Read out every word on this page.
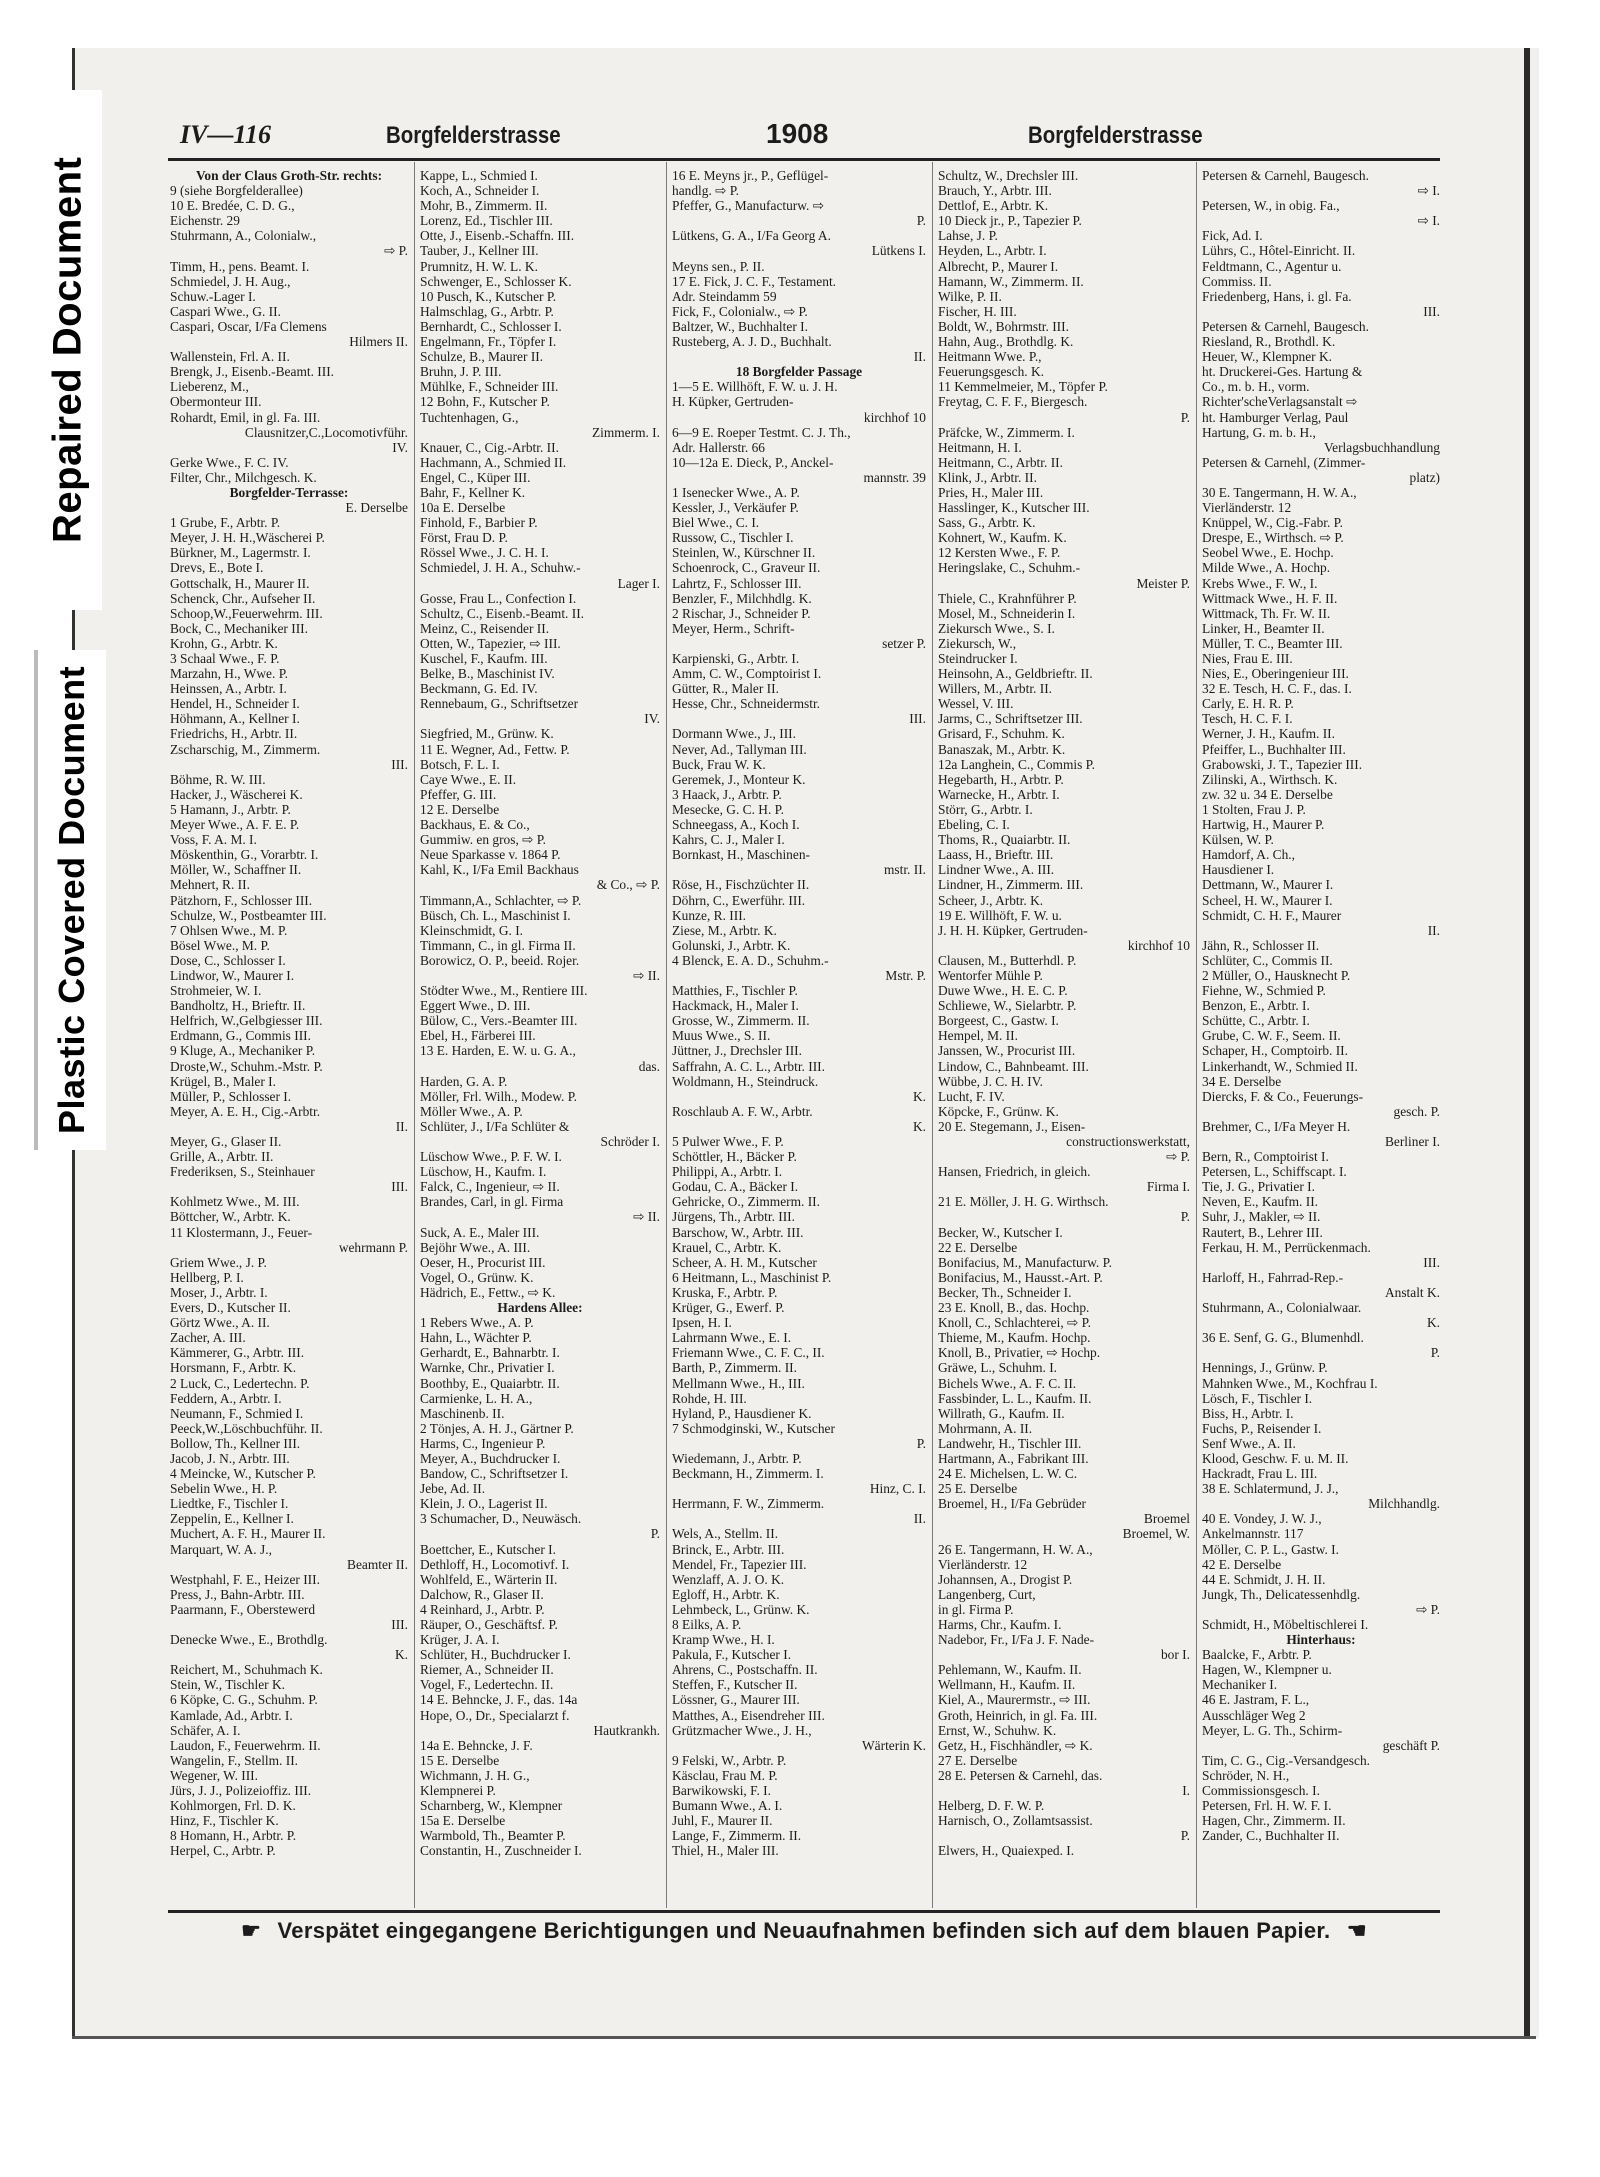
Repaired Document
Plastic Covered Document
IV—116	Borgfelderstrasse	1908	Borgfelderstrasse
Von der Claus Groth-Str. rechts:
9 (siehe Borgfelderallee)
10 E. Bredée, C. D. G.,
Eichenstr. 29
Stuhrmann, A., Colonialw.,
⇨ P.
Timm, H., pens. Beamt. I.
Schmiedel, J. H. Aug.,
Schuw.-Lager I.
Caspari Wwe., G. II.
Caspari, Oscar, I/Fa Clemens
Hilmers II.
Wallenstein, Frl. A. II.
Brengk, J., Eisenb.-Beamt. III.
Lieberenz, M.,
Obermonteur III.
Rohardt, Emil, in gl. Fa. III.
Clausnitzer,C.,Locomotivführ.
IV.
Gerke Wwe., F. C. IV.
Filter, Chr., Milchgesch. K.
Borgfelder-Terrasse:
E. Derselbe
1 Grube, F., Arbtr. P.
Meyer, J. H. H.,Wäscherei P.
Bürkner, M., Lagermstr. I.
Drevs, E., Bote I.
Gottschalk, H., Maurer II.
Schenck, Chr., Aufseher II.
Schoop,W.,Feuerwehrm. III.
Bock, C., Mechaniker III.
Krohn, G., Arbtr. K.
3 Schaal Wwe., F. P.
Marzahn, H., Wwe. P.
Heinssen, A., Arbtr. I.
Hendel, H., Schneider I.
Höhmann, A., Kellner I.
Friedrichs, H., Arbtr. II.
Zscharschig, M., Zimmerm.
III.
Böhme, R. W. III.
Hacker, J., Wäscherei K.
5 Hamann, J., Arbtr. P.
Meyer Wwe., A. F. E. P.
Voss, F. A. M. I.
Möskenthin, G., Vorarbtr. I.
Möller, W., Schaffner II.
Mehnert, R. II.
Pätzhorn, F., Schlosser III.
Schulze, W., Postbeamter III.
7 Ohlsen Wwe., M. P.
Bösel Wwe., M. P.
Dose, C., Schlosser I.
Lindwor, W., Maurer I.
Strohmeier, W. I.
Bandholtz, H., Brieftr. II.
Helfrich, W.,Gelbgiesser III.
Erdmann, G., Commis III.
9 Kluge, A., Mechaniker P.
Droste,W., Schuhm.-Mstr. P.
Krügel, B., Maler I.
Müller, P., Schlosser I.
Meyer, A. E. H., Cig.-Arbtr.
II.
Meyer, G., Glaser II.
Grille, A., Arbtr. II.
Frederiksen, S., Steinhauer
III.
Kohlmetz Wwe., M. III.
Böttcher, W., Arbtr. K.
11 Klostermann, J., Feuer-
wehrmann P.
Griem Wwe., J. P.
Hellberg, P. I.
Moser, J., Arbtr. I.
Evers, D., Kutscher II.
Görtz Wwe., A. II.
Zacher, A. III.
Kämmerer, G., Arbtr. III.
Horsmann, F., Arbtr. K.
2 Luck, C., Ledertechn. P.
Feddern, A., Arbtr. I.
Neumann, F., Schmied I.
Peeck,W.,Löschbuchführ. II.
Bollow, Th., Kellner III.
Jacob, J. N., Arbtr. III.
4 Meincke, W., Kutscher P.
Sebelin Wwe., H. P.
Liedtke, F., Tischler I.
Zeppelin, E., Kellner I.
Muchert, A. F. H., Maurer II.
Marquart, W. A. J.,
Beamter II.
Westphahl, F. E., Heizer III.
Press, J., Bahn-Arbtr. III.
Paarmann, F., Oberstewerd
III.
Denecke Wwe., E., Brothdlg.
K.
Reichert, M., Schuhmach K.
Stein, W., Tischler K.
6 Köpke, C. G., Schuhm. P.
Kamlade, Ad., Arbtr. I.
Schäfer, A. I.
Laudon, F., Feuerwehrm. II.
Wangelin, F., Stellm. II.
Wegener, W. III.
Jürs, J. J., Polizeioffiz. III.
Kohlmorgen, Frl. D. K.
Hinz, F., Tischler K.
8 Homann, H., Arbtr. P.
Herpel, C., Arbtr. P.
Kappe, L., Schmied I.
Koch, A., Schneider I.
Mohr, B., Zimmerm. II.
Lorenz, Ed., Tischler III.
Otte, J., Eisenb.-Schaffn. III.
Tauber, J., Kellner III.
Prumnitz, H. W. L. K.
Schwenger, E., Schlosser K.
10 Pusch, K., Kutscher P.
Halmschlag, G., Arbtr. P.
Bernhardt, C., Schlosser I.
Engelmann, Fr., Töpfer I.
Schulze, B., Maurer II.
Bruhn, J. P. III.
Mühlke, F., Schneider III.
12 Bohn, F., Kutscher P.
Tuchtenhagen, G.,
Zimmerm. I.
Knauer, C., Cig.-Arbtr. II.
Hachmann, A., Schmied II.
Engel, C., Küper III.
Bahr, F., Kellner K.
10a E. Derselbe
Finhold, F., Barbier P.
Först, Frau D. P.
Rössel Wwe., J. C. H. I.
Schmiedel, J. H. A., Schuhw.-
Lager I.
Gosse, Frau L., Confection I.
Schultz, C., Eisenb.-Beamt. II.
Meinz, C., Reisender II.
Otten, W., Tapezier, ⇨ III.
Kuschel, F., Kaufm. III.
Belke, B., Maschinist IV.
Beckmann, G. Ed. IV.
Rennebaum, G., Schriftsetzer
IV.
Siegfried, M., Grünw. K.
11 E. Wegner, Ad., Fettw. P.
Botsch, F. L. I.
Caye Wwe., E. II.
Pfeffer, G. III.
12 E. Derselbe
Backhaus, E. & Co.,
Gummiw. en gros, ⇨ P.
Neue Sparkasse v. 1864 P.
Kahl, K., I/Fa Emil Backhaus
& Co., ⇨ P.
Timmann,A., Schlachter, ⇨ P.
Büsch, Ch. L., Maschinist I.
Kleinschmidt, G. I.
Timmann, C., in gl. Firma II.
Borowicz, O. P., beeid. Rojer.
⇨ II.
Stödter Wwe., M., Rentiere III.
Eggert Wwe., D. III.
Bülow, C., Vers.-Beamter III.
Ebel, H., Färberei III.
13 E. Harden, E. W. u. G. A.,
das.
Harden, G. A. P.
Möller, Frl. Wilh., Modew. P.
Möller Wwe., A. P.
Schlüter, J., I/Fa Schlüter &
Schröder I.
Lüschow Wwe., P. F. W. I.
Lüschow, H., Kaufm. I.
Falck, C., Ingenieur, ⇨ II.
Brandes, Carl, in gl. Firma
⇨ II.
Suck, A. E., Maler III.
Bejöhr Wwe., A. III.
Oeser, H., Procurist III.
Vogel, O., Grünw. K.
Hädrich, E., Fettw., ⇨ K.
Hardens Allee:
1 Rebers Wwe., A. P.
Hahn, L., Wächter P.
Gerhardt, E., Bahnarbtr. I.
Warnke, Chr., Privatier I.
Boothby, E., Quaiarbtr. II.
Carmienke, L. H. A.,
Maschinenb. II.
2 Tönjes, A. H. J., Gärtner P.
Harms, C., Ingenieur P.
Meyer, A., Buchdrucker I.
Bandow, C., Schriftsetzer I.
Jebe, Ad. II.
Klein, J. O., Lagerist II.
3 Schumacher, D., Neuwäsch.
P.
Boettcher, E., Kutscher I.
Dethloff, H., Locomotivf. I.
Wohlfeld, E., Wärterin II.
Dalchow, R., Glaser II.
4 Reinhard, J., Arbtr. P.
Räuper, O., Geschäftsf. P.
Krüger, J. A. I.
Schlüter, H., Buchdrucker I.
Riemer, A., Schneider II.
Vogel, F., Ledertechn. II.
14 E. Behncke, J. F., das. 14a
Hope, O., Dr., Specialarzt f.
Hautkrankh.
14a E. Behncke, J. F.
15 E. Derselbe
Wichmann, J. H. G.,
Klempnerei P.
Scharnberg, W., Klempner
15a E. Derselbe
Warmbold, Th., Beamter P.
Constantin, H., Zuschneider I.
16 E. Meyns jr., P., Geflügel-
handlg. ⇨ P.
Pfeffer, G., Manufacturw. ⇨
P.
Lütkens, G. A., I/Fa Georg A.
Lütkens I.
Meyns sen., P. II.
17 E. Fick, J. C. F., Testament.
Adr. Steindamm 59
Fick, F., Colonialw., ⇨ P.
Baltzer, W., Buchhalter I.
Rusteberg, A. J. D., Buchhalt.
II.
18 Borgfelder Passage
1—5 E. Willhöft, F. W. u. J. H.
H. Küpker, Gertruden-
kirchhof 10
6—9 E. Roeper Testmt. C. J. Th.,
Adr. Hallerstr. 66
10—12a E. Dieck, P., Anckel-
mannstr. 39
1 Isenecker Wwe., A. P.
Kessler, J., Verkäufer P.
Biel Wwe., C. I.
Russow, C., Tischler I.
Steinlen, W., Kürschner II.
Schoenrock, C., Graveur II.
Lahrtz, F., Schlosser III.
Benzler, F., Milchhdlg. K.
2 Rischar, J., Schneider P.
Meyer, Herm., Schrift-
setzer P.
Karpienski, G., Arbtr. I.
Amm, C. W., Comptoirist I.
Gütter, R., Maler II.
Hesse, Chr., Schneidermstr.
III.
Dormann Wwe., J., III.
Never, Ad., Tallyman III.
Buck, Frau W. K.
Geremek, J., Monteur K.
3 Haack, J., Arbtr. P.
Mesecke, G. C. H. P.
Schneegass, A., Koch I.
Kahrs, C. J., Maler I.
Bornkast, H., Maschinen-
mstr. II.
Röse, H., Fischzüchter II.
Döhrn, C., Ewerführ. III.
Kunze, R. III.
Ziese, M., Arbtr. K.
Golunski, J., Arbtr. K.
4 Blenck, E. A. D., Schuhm.-
Mstr. P.
Matthies, F., Tischler P.
Hackmack, H., Maler I.
Grosse, W., Zimmerm. II.
Muus Wwe., S. II.
Jüttner, J., Drechsler III.
Saffrahn, A. C. L., Arbtr. III.
Woldmann, H., Steindruck.
K.
Roschlaub A. F. W., Arbtr.
K.
5 Pulwer Wwe., F. P.
Schöttler, H., Bäcker P.
Philippi, A., Arbtr. I.
Godau, C. A., Bäcker I.
Gehricke, O., Zimmerm. II.
Jürgens, Th., Arbtr. III.
Barschow, W., Arbtr. III.
Krauel, C., Arbtr. K.
Scheer, A. H. M., Kutscher
6 Heitmann, L., Maschinist P.
Kruska, F., Arbtr. P.
Krüger, G., Ewerf. P.
Ipsen, H. I.
Lahrmann Wwe., E. I.
Friemann Wwe., C. F. C., II.
Barth, P., Zimmerm. II.
Mellmann Wwe., H., III.
Rohde, H. III.
Hyland, P., Hausdiener K.
7 Schmodginski, W., Kutscher
P.
Wiedemann, J., Arbtr. P.
Beckmann, H., Zimmerm. I.
Hinz, C. I.
Herrmann, F. W., Zimmerm.
II.
Wels, A., Stellm. II.
Brinck, E., Arbtr. III.
Mendel, Fr., Tapezier III.
Wenzlaff, A. J. O. K.
Egloff, H., Arbtr. K.
Lehmbeck, L., Grünw. K.
8 Eilks, A. P.
Kramp Wwe., H. I.
Pakula, F., Kutscher I.
Ahrens, C., Postschaffn. II.
Steffen, F., Kutscher II.
Lössner, G., Maurer III.
Matthes, A., Eisendreher III.
Grützmacher Wwe., J. H.,
Wärterin K.
9 Felski, W., Arbtr. P.
Käsclau, Frau M. P.
Barwikowski, F. I.
Bumann Wwe., A. I.
Juhl, F., Maurer II.
Lange, F., Zimmerm. II.
Thiel, H., Maler III.
Schultz, W., Drechsler III.
Brauch, Y., Arbtr. III.
Dettlof, E., Arbtr. K.
10 Dieck jr., P., Tapezier P.
Lahse, J. P.
Heyden, L., Arbtr. I.
Albrecht, P., Maurer I.
Hamann, W., Zimmerm. II.
Wilke, P. II.
Fischer, H. III.
Boldt, W., Bohrmstr. III.
Hahn, Aug., Brothdlg. K.
Heitmann Wwe. P.,
Feuerungsgesch. K.
11 Kemmelmeier, M., Töpfer P.
Freytag, C. F. F., Biergesch.
P.
Präfcke, W., Zimmerm. I.
Heitmann, H. I.
Heitmann, C., Arbtr. II.
Klink, J., Arbtr. II.
Pries, H., Maler III.
Hasslinger, K., Kutscher III.
Sass, G., Arbtr. K.
Kohnert, W., Kaufm. K.
12 Kersten Wwe., F. P.
Heringslake, C., Schuhm.-
Meister P.
Thiele, C., Krahnführer P.
Mosel, M., Schneiderin I.
Ziekursch Wwe., S. I.
Ziekursch, W.,
Steindrucker I.
Heinsohn, A., Geldbrieftr. II.
Willers, M., Arbtr. II.
Wessel, V. III.
Jarms, C., Schriftsetzer III.
Grisard, F., Schuhm. K.
Banaszak, M., Arbtr. K.
12a Langhein, C., Commis P.
Hegebarth, H., Arbtr. P.
Warnecke, H., Arbtr. I.
Störr, G., Arbtr. I.
Ebeling, C. I.
Thoms, R., Quaiarbtr. II.
Laass, H., Brieftr. III.
Lindner Wwe., A. III.
Lindner, H., Zimmerm. III.
Scheer, J., Arbtr. K.
19 E. Willhöft, F. W. u.
J. H. H. Küpker, Gertruden-
kirchhof 10
Clausen, M., Butterhdl. P.
Wentorfer Mühle P.
Duwe Wwe., H. E. C. P.
Schliewe, W., Sielarbtr. P.
Borgeest, C., Gastw. I.
Hempel, M. II.
Janssen, W., Procurist III.
Lindow, C., Bahnbeamt. III.
Wübbe, J. C. H. IV.
Lucht, F. IV.
Köpcke, F., Grünw. K.
20 E. Stegemann, J., Eisen-
constructionswerkstatt,
⇨ P.
Hansen, Friedrich, in gleich.
Firma I.
21 E. Möller, J. H. G. Wirthsch.
P.
Becker, W., Kutscher I.
22 E. Derselbe
Bonifacius, M., Manufacturw. P.
Bonifacius, M., Hausst.-Art. P.
Becker, Th., Schneider I.
23 E. Knoll, B., das. Hochp.
Knoll, C., Schlachterei, ⇨ P.
Thieme, M., Kaufm. Hochp.
Knoll, B., Privatier, ⇨ Hochp.
Gräwe, L., Schuhm. I.
Bichels Wwe., A. F. C. II.
Fassbinder, L. L., Kaufm. II.
Willrath, G., Kaufm. II.
Mohrmann, A. II.
Landwehr, H., Tischler III.
Hartmann, A., Fabrikant III.
24 E. Michelsen, L. W. C.
25 E. Derselbe
Broemel, H., I/Fa Gebrüder
Broemel
Broemel, W.
26 E. Tangermann, H. W. A.,
Vierländerstr. 12
Johannsen, A., Drogist P.
Langenberg, Curt,
in gl. Firma P.
Harms, Chr., Kaufm. I.
Nadebor, Fr., I/Fa J. F. Nade-
bor I.
Pehlemann, W., Kaufm. II.
Wellmann, H., Kaufm. II.
Kiel, A., Maurermstr., ⇨ III.
Groth, Heinrich, in gl. Fa. III.
Ernst, W., Schuhw. K.
Getz, H., Fischhändler, ⇨ K.
27 E. Derselbe
28 E. Petersen & Carnehl, das.
I.
Helberg, D. F. W. P.
Harnisch, O., Zollamtsassist.
P.
Elwers, H., Quaiexped. I.
Petersen & Carnehl, Baugesch.
⇨ I.
Petersen, W., in obig. Fa.,
⇨ I.
Fick, Ad. I.
Lührs, C., Hôtel-Einricht. II.
Feldtmann, C., Agentur u.
Commiss. II.
Friedenberg, Hans, i. gl. Fa.
III.
Petersen & Carnehl, Baugesch.
Riesland, R., Brothdl. K.
Heuer, W., Klempner K.
ht. Druckerei-Ges. Hartung &
Co., m. b. H., vorm.
Richter'scheVerlagsanstalt ⇨
ht. Hamburger Verlag, Paul
Hartung, G. m. b. H.,
Verlagsbuchhandlung
Petersen & Carnehl, (Zimmer-
platz)
30 E. Tangermann, H. W. A.,
Vierländerstr. 12
Knüppel, W., Cig.-Fabr. P.
Drespe, E., Wirthsch. ⇨ P.
Seobel Wwe., E. Hochp.
Milde Wwe., A. Hochp.
Krebs Wwe., F. W., I.
Wittmack Wwe., H. F. II.
Wittmack, Th. Fr. W. II.
Linker, H., Beamter II.
Müller, T. C., Beamter III.
Nies, Frau E. III.
Nies, E., Oberingenieur III.
32 E. Tesch, H. C. F., das. I.
Carly, E. H. R. P.
Tesch, H. C. F. I.
Werner, J. H., Kaufm. II.
Pfeiffer, L., Buchhalter III.
Grabowski, J. T., Tapezier III.
Zilinski, A., Wirthsch. K.
zw. 32 u. 34 E. Derselbe
1 Stolten, Frau J. P.
Hartwig, H., Maurer P.
Külsen, W. P.
Hamdorf, A. Ch.,
Hausdiener I.
Dettmann, W., Maurer I.
Scheel, H. W., Maurer I.
Schmidt, C. H. F., Maurer
II.
Jähn, R., Schlosser II.
Schlüter, C., Commis II.
2 Müller, O., Hausknecht P.
Fiehne, W., Schmied P.
Benzon, E., Arbtr. I.
Schütte, C., Arbtr. I.
Grube, C. W. F., Seem. II.
Schaper, H., Comptoirb. II.
Linkerhandt, W., Schmied II.
34 E. Derselbe
Diercks, F. & Co., Feuerungs-
gesch. P.
Brehmer, C., I/Fa Meyer H.
Berliner I.
Bern, R., Comptoirist I.
Petersen, L., Schiffscapt. I.
Tie, J. G., Privatier I.
Neven, E., Kaufm. II.
Suhr, J., Makler, ⇨ II.
Rautert, B., Lehrer III.
Ferkau, H. M., Perrückenmach.
III.
Harloff, H., Fahrrad-Rep.-
Anstalt K.
Stuhrmann, A., Colonialwaar.
K.
36 E. Senf, G. G., Blumenhdl.
P.
Hennings, J., Grünw. P.
Mahnken Wwe., M., Kochfrau I.
Lösch, F., Tischler I.
Biss, H., Arbtr. I.
Fuchs, P., Reisender I.
Senf Wwe., A. II.
Klood, Geschw. F. u. M. II.
Hackradt, Frau L. III.
38 E. Schlatermund, J. J.,
Milchhandlg.
40 E. Vondey, J. W. J.,
Ankelmannstr. 117
Möller, C. P. L., Gastw. I.
42 E. Derselbe
44 E. Schmidt, J. H. II.
Jungk, Th., Delicatessenhdlg.
⇨ P.
Schmidt, H., Möbeltischlerei I.
Hinterhaus:
Baalcke, F., Arbtr. P.
Hagen, W., Klempner u.
Mechaniker I.
46 E. Jastram, F. L.,
Ausschläger Weg 2
Meyer, L. G. Th., Schirm-
geschäft P.
Tim, C. G., Cig.-Versandgesch.
Schröder, N. H.,
Commissionsgesch. I.
Petersen, Frl. H. W. F. I.
Hagen, Chr., Zimmerm. II.
Zander, C., Buchhalter II.
☛ Verspätet eingegangene Berichtigungen und Neuaufnahmen befinden sich auf dem blauen Papier. ☚
